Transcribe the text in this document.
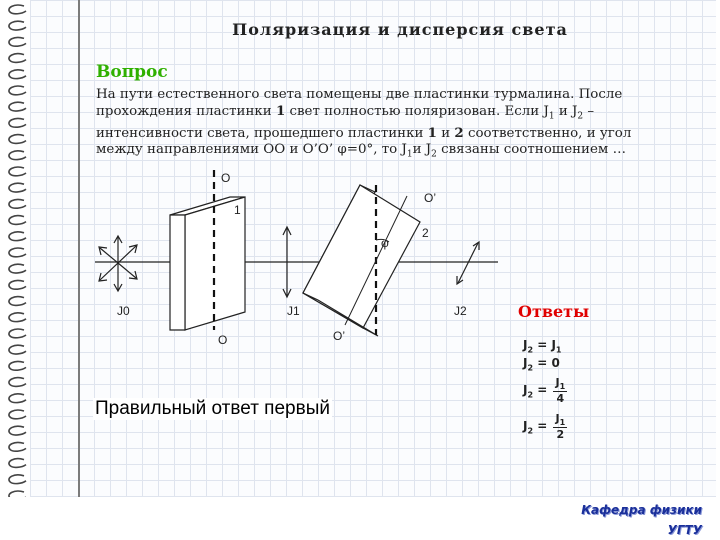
Поляризация и дисперсия света
Вопрос

На пути естественного света помещены две пластинки турмалина. После
прохождения пластинки 1 свет полностью поляризован. Если $J_1$ и $J_2$ –
интенсивности света, прошедшего пластинки 1 и 2 соответственно, и угол
между направлениями ОО и О’О’ φ=0°, то $J_1и$ $J_2$ связаны соотношением …

O
O
O’
O’
1
2
φ
J0	J1	J2	Ответы
$J_2 = J_1$
$J_2 = 0$
$J_2 = \frac{J_1}{4}$
$J_2 = \frac{J_1}{2}$
Правильный ответ первый
Кафедра физики
УГТУ
